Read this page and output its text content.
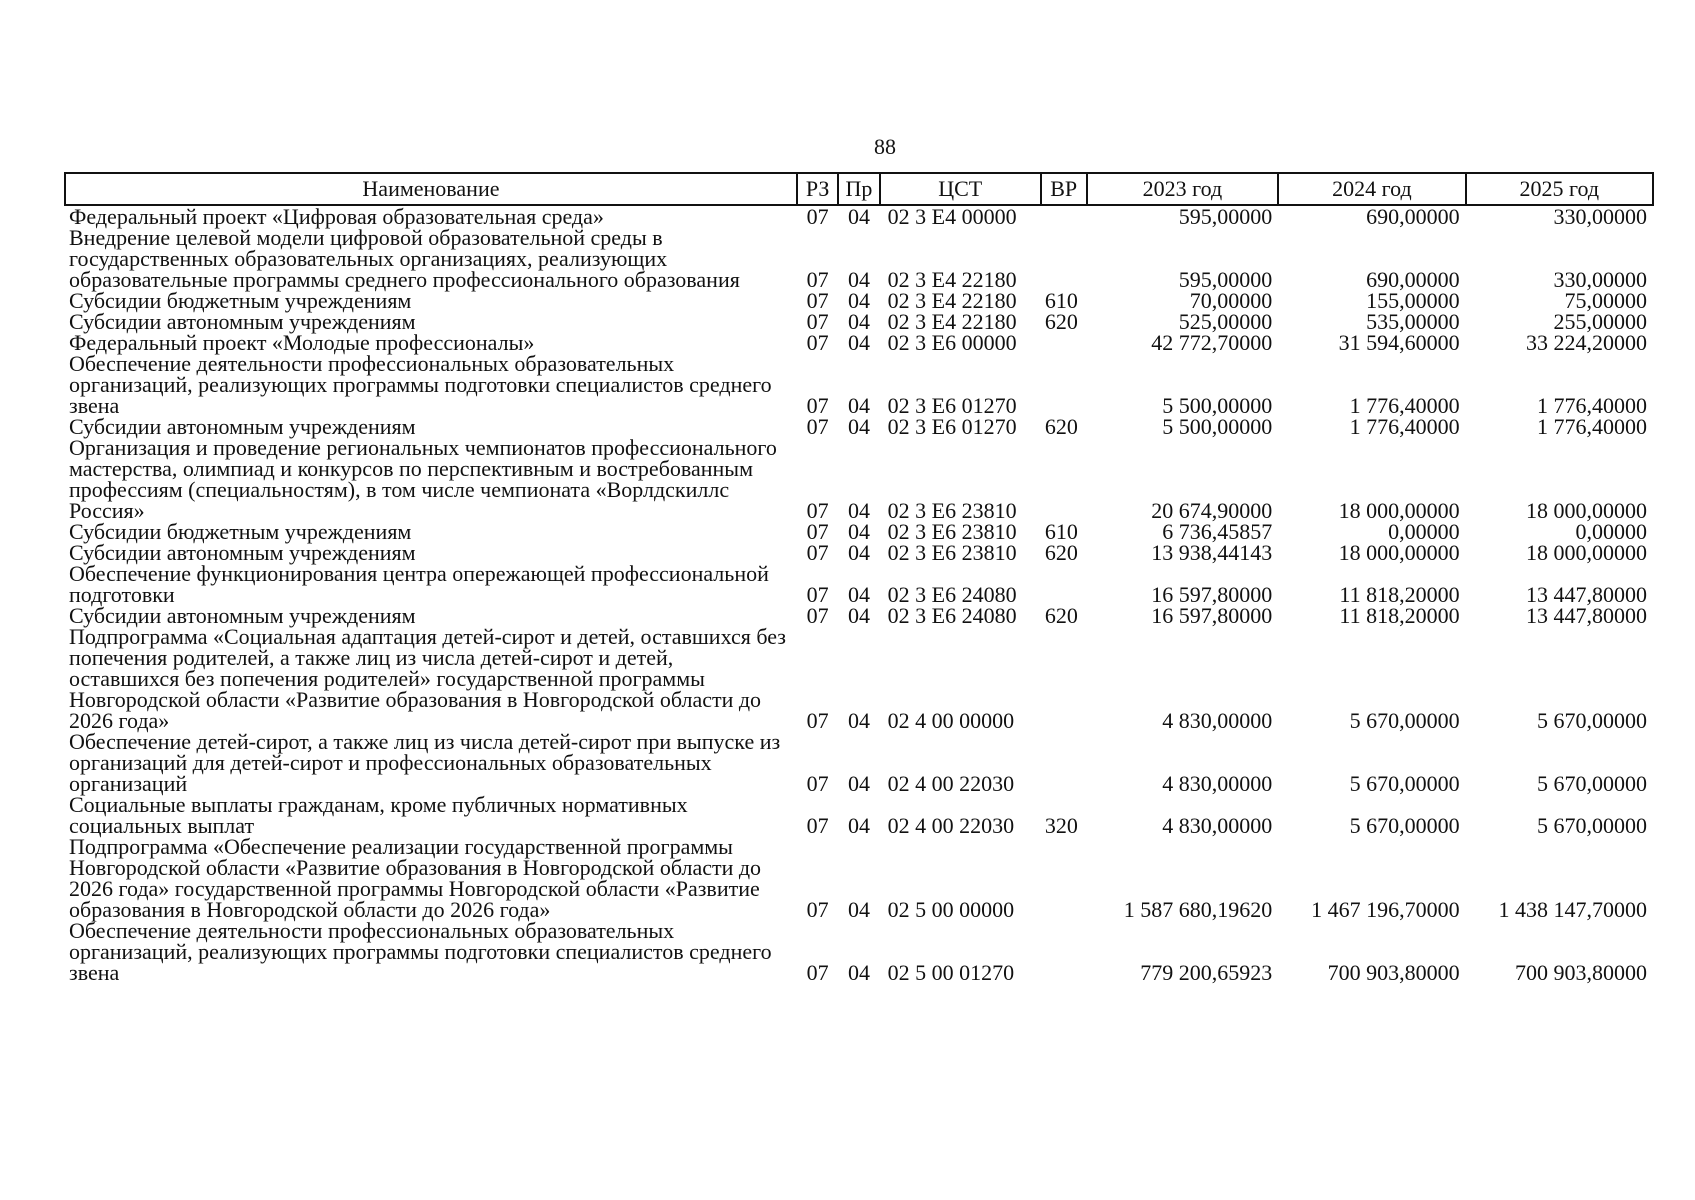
88
Наименование	РЗ	Пр	ЦСТ	ВР	2023 год	2024 год	2025 год
Федеральный проект «Цифровая образовательная среда»	07	04	02 3 Е4 00000		595,00000	690,00000	330,00000
Внедрение целевой модели цифровой образовательной среды в государственных образовательных организациях, реализующих образовательные программы среднего профессионального образования	07	04	02 3 Е4 22180		595,00000	690,00000	330,00000
Субсидии бюджетным учреждениям	07	04	02 3 Е4 22180	610	70,00000	155,00000	75,00000
Субсидии автономным учреждениям	07	04	02 3 Е4 22180	620	525,00000	535,00000	255,00000
Федеральный проект «Молодые профессионалы»	07	04	02 3 Е6 00000		42 772,70000	31 594,60000	33 224,20000
Обеспечение деятельности профессиональных образовательных организаций, реализующих программы подготовки специалистов среднего звена	07	04	02 3 Е6 01270		5 500,00000	1 776,40000	1 776,40000
Субсидии автономным учреждениям	07	04	02 3 Е6 01270	620	5 500,00000	1 776,40000	1 776,40000
Организация и проведение региональных чемпионатов профессионального мастерства, олимпиад и конкурсов по перспективным и востребованным профессиям (специальностям), в том числе чемпионата «Ворлдскиллс Россия»	07	04	02 3 Е6 23810		20 674,90000	18 000,00000	18 000,00000
Субсидии бюджетным учреждениям	07	04	02 3 Е6 23810	610	6 736,45857	0,00000	0,00000
Субсидии автономным учреждениям	07	04	02 3 Е6 23810	620	13 938,44143	18 000,00000	18 000,00000
Обеспечение функционирования центра опережающей профессиональной подготовки	07	04	02 3 Е6 24080		16 597,80000	11 818,20000	13 447,80000
Субсидии автономным учреждениям	07	04	02 3 Е6 24080	620	16 597,80000	11 818,20000	13 447,80000
Подпрограмма «Социальная адаптация детей-сирот и детей, оставшихся без попечения родителей, а также лиц из числа детей-сирот и детей, оставшихся без попечения родителей» государственной программы Новгородской области «Развитие образования в Новгородской области до 2026 года»	07	04	02 4 00 00000		4 830,00000	5 670,00000	5 670,00000
Обеспечение детей-сирот, а также лиц из числа детей-сирот при выпуске из организаций для детей-сирот и профессиональных образовательных организаций	07	04	02 4 00 22030		4 830,00000	5 670,00000	5 670,00000
Социальные выплаты гражданам, кроме публичных нормативных социальных выплат	07	04	02 4 00 22030	320	4 830,00000	5 670,00000	5 670,00000
Подпрограмма «Обеспечение реализации государственной программы Новгородской области «Развитие образования в Новгородской области до 2026 года» государственной программы Новгородской области «Развитие образования в Новгородской области до 2026 года»	07	04	02 5 00 00000		1 587 680,19620	1 467 196,70000	1 438 147,70000
Обеспечение деятельности профессиональных образовательных организаций, реализующих программы подготовки специалистов среднего звена	07	04	02 5 00 01270		779 200,65923	700 903,80000	700 903,80000
